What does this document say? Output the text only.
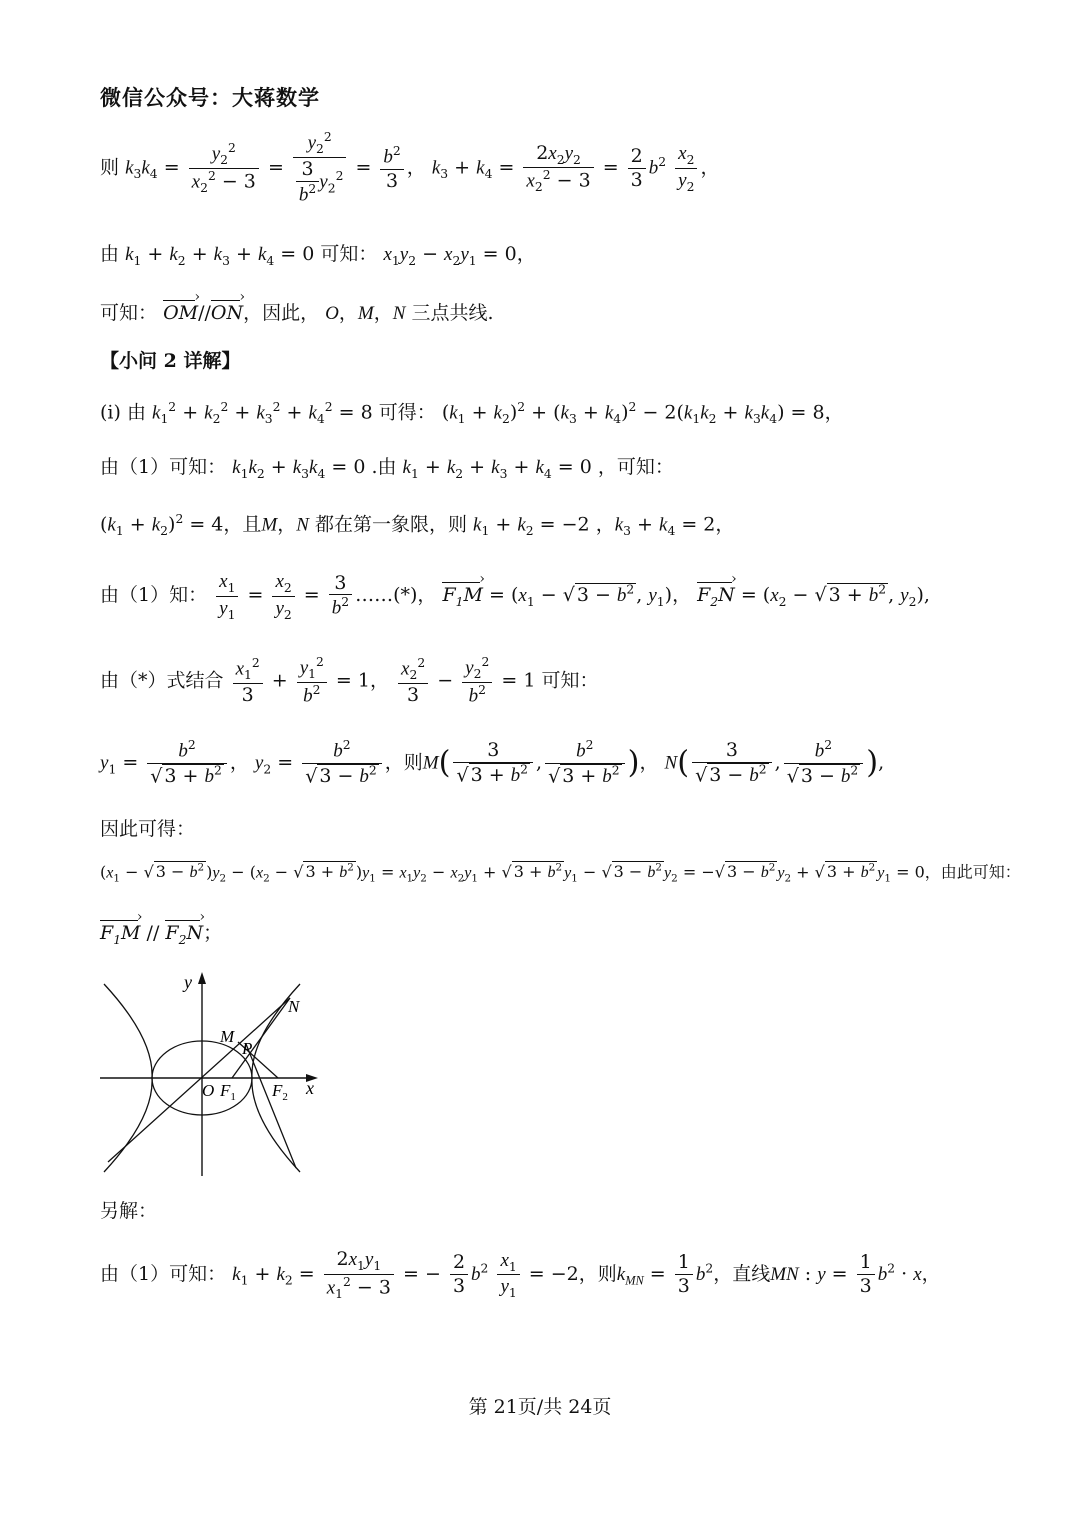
微信公众号：大蒋数学
则 $k_3k_4 = \frac{y_2^2}{x_2^2 - 3} = \frac{y_2^2}{\frac{3}{b^2} y_2^2} = \frac{b^2}{3}$ ， $k_3 + k_4 = \frac{2x_2y_2}{x_2^2 - 3} = \frac{2}{3} b^2 \frac{x_2}{y_2}$ ，
由 $k_1 + k_2 + k_3 + k_4 = 0$ 可知： $x_1y_2 - x_2y_1 = 0$，
可知： OM ›//ON ›，因此， O，M，N 三点共线.
【小问 2 详解】
(i) 由 $k_1^2 + k_2^2 + k_3^2 + k_4^2 = 8$ 可得： $(k_1 + k_2)^2 + (k_3 + k_4)^2 - 2(k_1k_2 + k_3k_4) = 8$，
由（1）可知： $k_1k_2 + k_3k_4 = 0$ .由 $k_1 + k_2 + k_3 + k_4 = 0$ ，可知：
$(k_1 + k_2)^2 = 4$，且M，N 都在第一象限，则 $k_1 + k_2 = -2$ ，$k_3 + k_4 = 2$，
由（1）知： $\frac{x_1}{y_1} = \frac{x_2}{y_2} = \frac{3}{b^2}$ ……(*)， $F_1M$ › = ($x_1$ − √ $3 - b^2$ , $y_1$)， $F_2N$ › = ($x_2$ − √ $3 + b^2$ , $y_2$),
由（*）式结合 $\frac{x_1^2}{3} + \frac{y_1^2}{b^2} = 1$， $\frac{x_2^2}{3} - \frac{y_2^2}{b^2} = 1$ 可知：
$y_1 = \frac{b^2}{√ 3 + b^2}$ ， $y_2 = \frac{b^2}{√ 3 - b^2}$ ，则$M( \frac{3}{√ 3 + b^2}$ , $\frac{b^2}{√ 3 + b^2}$ )， $N( \frac{3}{√ 3 - b^2}$ , $\frac{b^2}{√ 3 - b^2}$ ),
因此可得：
($x_1$ − √ $3 - b^2$ )$y_2 - (x_2$ − √ $3 + b^2$ )$y_1 = x_1y_2 - x_2y_1$ + √ $3 + b^2$ $y_1$ − √ $3 - b^2$ $y_2$ = −√ $3 - b^2$ $y_2$ + √ $3 + b^2$ $y_1 = 0$，由此可知：
$F_1M$ › // $F_2N$ ›；
y
x
N
M
P
O $F_1$ $F_2$
另解：
由（1）可知： $k_1 + k_2 = \frac{2x_1y_1}{x_1^2 - 3}$ = − $\frac{2}{3} b^2 \frac{x_1}{y_1} = -2$，则$k_{MN} = \frac{1}{3} b^2$，直线MN : $y = \frac{1}{3} b^2 \cdot x$，
第 21页/共 24页
